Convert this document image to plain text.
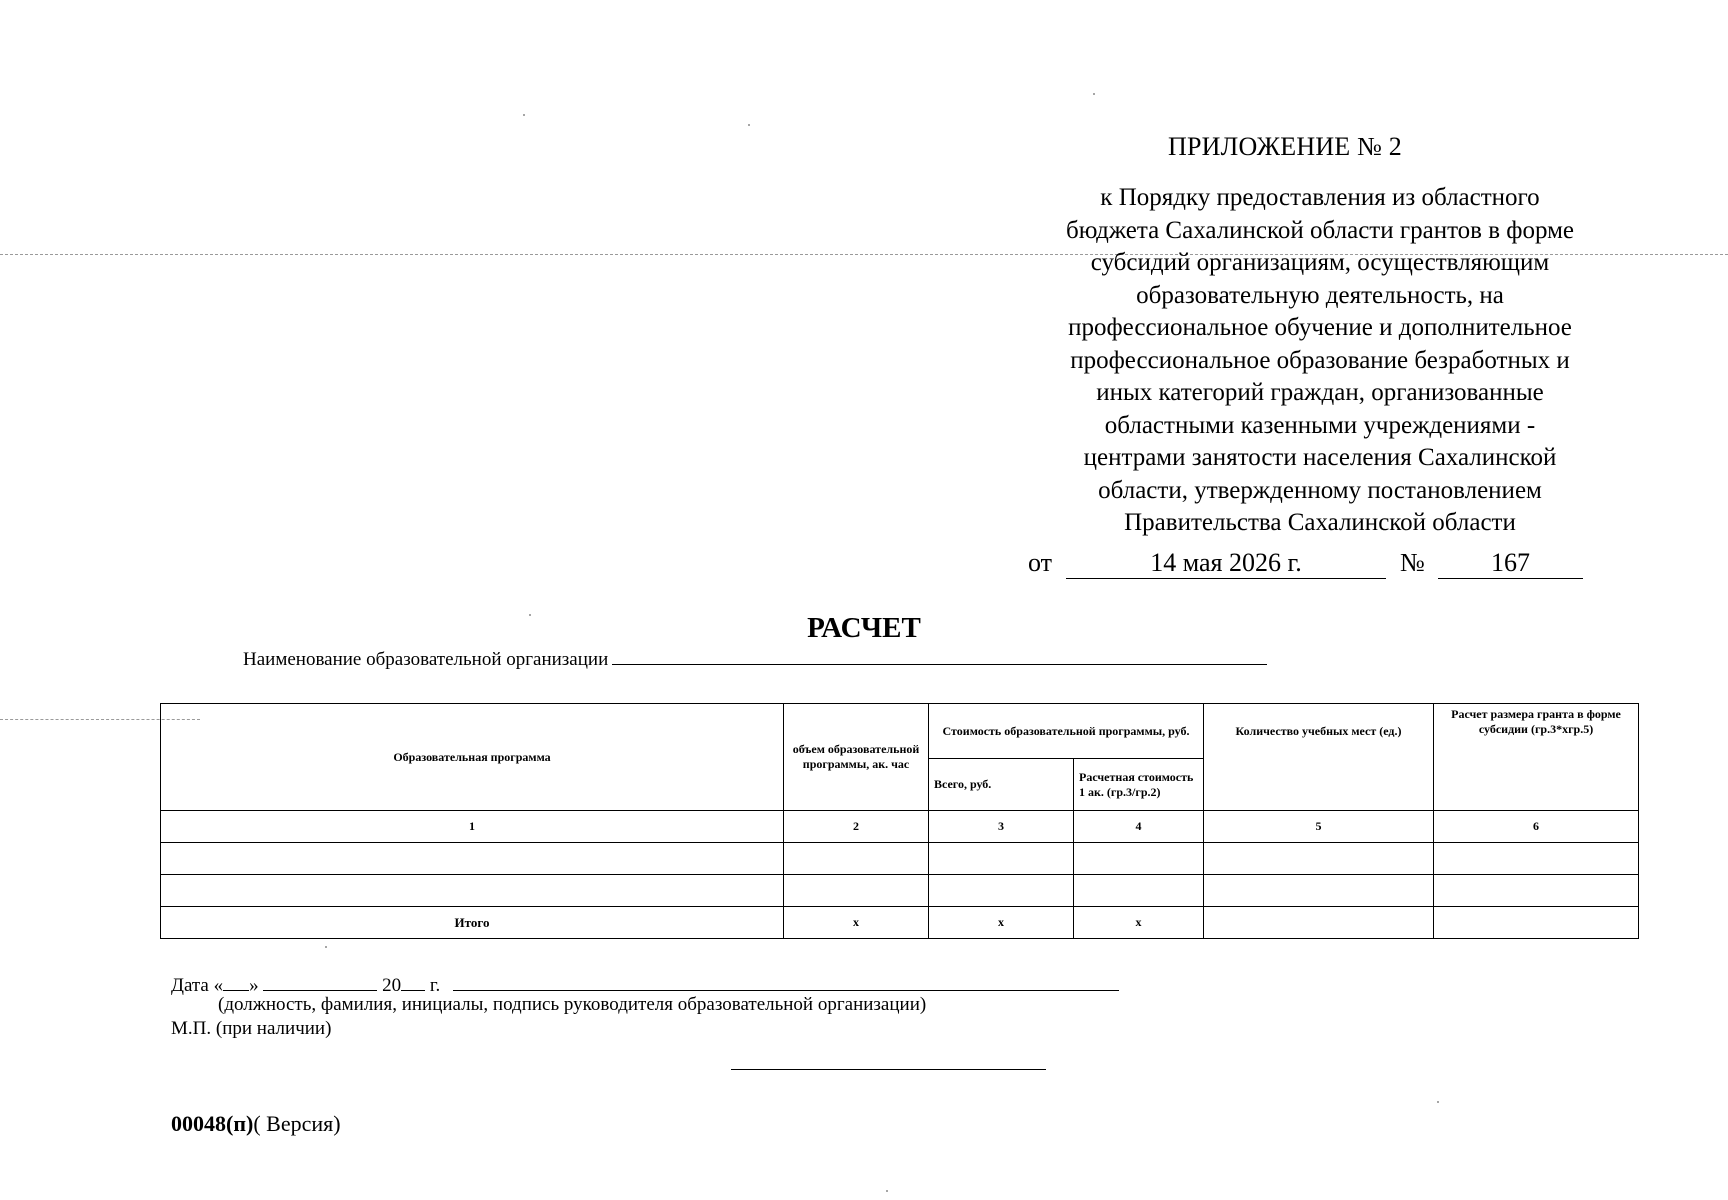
ПРИЛОЖЕНИЕ № 2
к Порядку предоставления из областного
бюджета Сахалинской области грантов в форме
субсидий организациям, осуществляющим
образовательную деятельность, на
профессиональное обучение и дополнительное
профессиональное образование безработных и
иных категорий граждан, организованные
областными казенными учреждениями -
центрами занятости населения Сахалинской
области, утвержденному постановлением
Правительства Сахалинской области
от	14 мая 2026 г.	№	167
РАСЧЕТ
Наименование образовательной организации
Образовательная программа	объем образовательной программы, ак. час	Стоимость образовательной программы, руб.		Количество учебных мест (ед.)	Расчет размера гранта в форме субсидии (гр.3*хгр.5)
		Всего, руб.	Расчетная стоимость 1 ак. (гр.3/гр.2)		
1	2	3	4	5	6

Итого	x	x	x		
Дата « »	20 г.
(должность, фамилия, инициалы, подпись руководителя образовательной организации)
М.П. (при наличии)
00048(п)( Версия)
